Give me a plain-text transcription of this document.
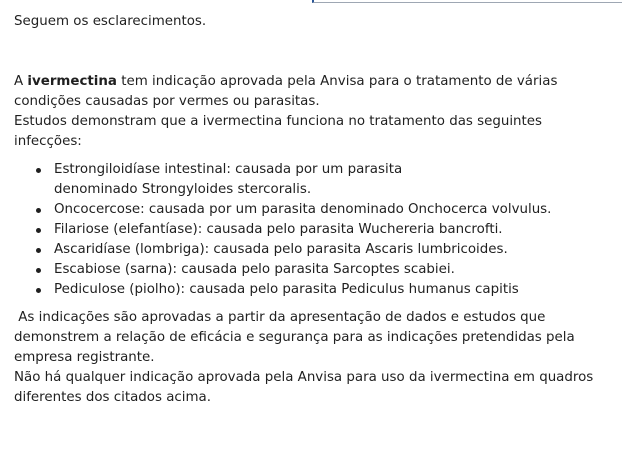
Seguem os esclarecimentos.
A ivermectina tem indicação aprovada pela Anvisa para o tratamento de várias
condições causadas por vermes ou parasitas.
Estudos demonstram que a ivermectina funciona no tratamento das seguintes
infecções:
Estrongiloidíase intestinal: causada por um parasita
denominado Strongyloides stercoralis.
Oncocercose: causada por um parasita denominado Onchocerca volvulus.
Filariose (elefantíase): causada pelo parasita Wuchereria bancrofti.
Ascaridíase (lombriga): causada pelo parasita Ascaris lumbricoides.
Escabiose (sarna): causada pelo parasita Sarcoptes scabiei.
Pediculose (piolho): causada pelo parasita Pediculus humanus capitis
As indicações são aprovadas a partir da apresentação de dados e estudos que
demonstrem a relação de eficácia e segurança para as indicações pretendidas pela
empresa registrante.
Não há qualquer indicação aprovada pela Anvisa para uso da ivermectina em quadros
diferentes dos citados acima.
